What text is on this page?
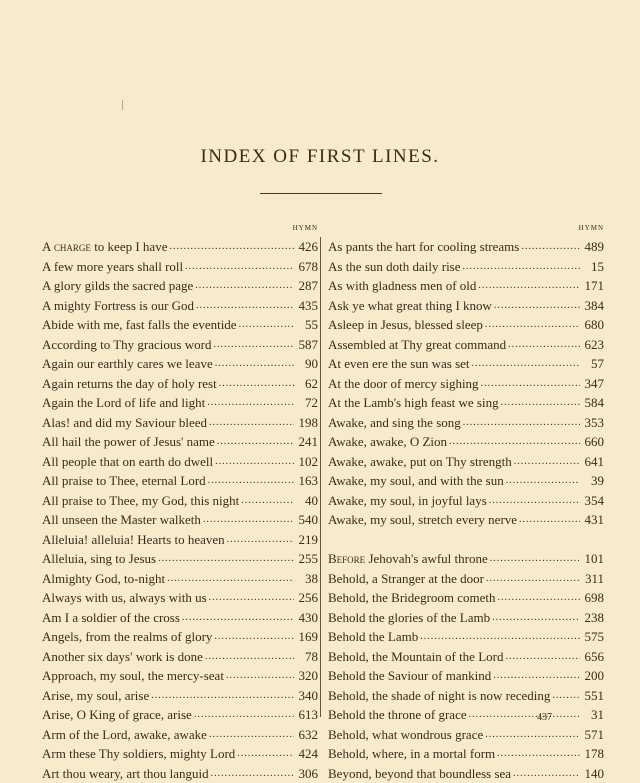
INDEX OF FIRST LINES.
HYMN
A charge to keep I have .....	426
A few more years shall roll .....	678
A glory gilds the sacred page .....	287
A mighty Fortress is our God .....	435
Abide with me, fast falls the eventide .....	55
According to Thy gracious word .....	587
Again our earthly cares we leave .....	90
Again returns the day of holy rest .....	62
Again the Lord of life and light .....	72
Alas! and did my Saviour bleed .....	198
All hail the power of Jesus' name .....	241
All people that on earth do dwell .....	102
All praise to Thee, eternal Lord .....	163
All praise to Thee, my God, this night .....	40
All unseen the Master walketh .....	540
Alleluia! alleluia! Hearts to heaven .....	219
Alleluia, sing to Jesus .....	255
Almighty God, to-night .....	38
Always with us, always with us .....	256
Am I a soldier of the cross .....	430
Angels, from the realms of glory .....	169
Another six days' work is done .....	78
Approach, my soul, the mercy-seat .....	320
Arise, my soul, arise .....	340
Arise, O King of grace, arise .....	613
Arm of the Lord, awake, awake .....	632
Arm these Thy soldiers, mighty Lord .....	424
Art thou weary, art thou languid .....	306
HYMN
As pants the hart for cooling streams .....	489
As the sun doth daily rise .....	15
As with gladness men of old .....	171
Ask ye what great thing I know .....	384
Asleep in Jesus, blessed sleep .....	680
Assembled at Thy great command .....	623
At even ere the sun was set .....	57
At the door of mercy sighing .....	347
At the Lamb's high feast we sing .....	584
Awake, and sing the song .....	353
Awake, awake, O Zion .....	660
Awake, awake, put on Thy strength .....	641
Awake, my soul, and with the sun .....	39
Awake, my soul, in joyful lays .....	354
Awake, my soul, stretch every nerve .....	431
Before Jehovah's awful throne .....	101
Behold, a Stranger at the door .....	311
Behold, the Bridegroom cometh .....	698
Behold the glories of the Lamb .....	238
Behold the Lamb .....	575
Behold, the Mountain of the Lord .....	656
Behold the Saviour of mankind .....	200
Behold, the shade of night is now receding .....	551
Behold the throne of grace .....	31
Behold, what wondrous grace .....	571
Behold, where, in a mortal form .....	178
Beyond, beyond that boundless sea .....	140
437
